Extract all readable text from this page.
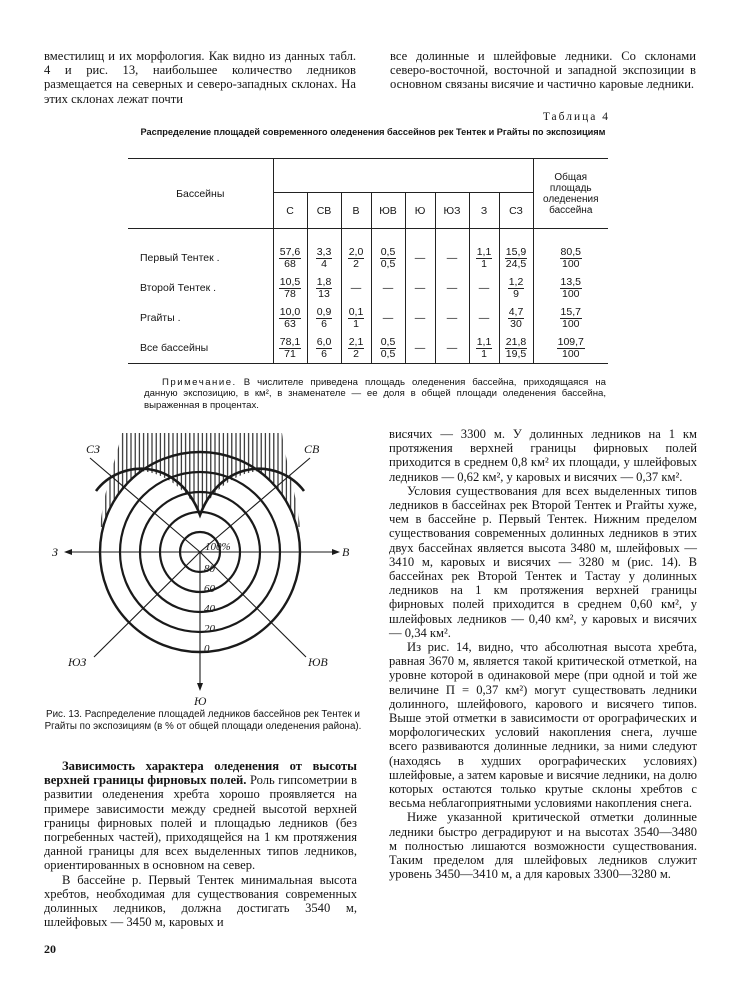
вместилищ и их морфология. Как видно из данных табл. 4 и рис. 13, наибольшее количество ледников размещается на северных и северо-западных склонах. На этих склонах лежат почти

все долинные и шлейфовые ледники. Со склонами северо-восточной, восточной и западной экспозиции в основном связаны висячие и частично каровые ледники.

Таблица 4
Распределение площадей современного оледенения бассейнов рек Тентек и Ргайты по экспозициям
Бассейны									Общая площадь оледенения бассейна

	С	СВ	В	ЮВ	Ю	ЮЗ	З	СЗ	
Первый Тентек .	$\frac{57,6}{68}$	$\frac{3,3}{4}$	$\frac{2,0}{2}$	$\frac{0,5}{0,5}$	—	—	$\frac{1,1}{1}$	$\frac{15,9}{24,5}$	$\frac{80,5}{100}$

Второй Тентек .	$\frac{10,5}{78}$	$\frac{1,8}{13}$	—	—	—	—	—	$\frac{1,2}{9}$	$\frac{13,5}{100}$

Ргайты .	$\frac{10,0}{63}$	$\frac{0,9}{6}$	$\frac{0,1}{1}$	—	—	—	—	$\frac{4,7}{30}$	$\frac{15,7}{100}$

Все бассейны	$\frac{78,1}{71}$	$\frac{6,0}{6}$	$\frac{2,1}{2}$	$\frac{0,5}{0,5}$	—	—	$\frac{1,1}{1}$	$\frac{21,8}{19,5}$	$\frac{109,7}{100}$
Примечание. В числителе приведена площадь оледенения бассейна, приходящаяся на данную экспозицию, в км², в знаменателе — ее доля в общей площади оледенения бассейна, выраженная в процентах.
СЗ	СВ
З	В
ЮЗ	ЮВ
Ю
100%
80
60
40
20
0
Рис. 13. Распределение площадей ледников бассейнов рек Тентек и Ргайты по экспозициям (в % от общей площади оледенения района).

Зависимость характера оледенения от высоты верхней границы фирновых полей. Роль гипсометрии в развитии оледенения хребта хорошо проявляется на примере зависимости между средней высотой верхней границы фирновых полей и площадью ледников (без погребенных частей), приходящейся на 1 км протяжения данной границы для всех выделенных типов ледников, ориентированных в основном на север.

В бассейне р. Первый Тентек минимальная высота хребтов, необходимая для существования современных долинных ледников, должна достигать 3540 м, шлейфовых — 3450 м, каровых и

висячих — 3300 м. У долинных ледников на 1 км протяжения верхней границы фирновых полей приходится в среднем 0,8 км² их площади, у шлейфовых ледников — 0,62 км², у каровых и висячих — 0,37 км².

Условия существования для всех выделенных типов ледников в бассейнах рек Второй Тентек и Ргайты хуже, чем в бассейне р. Первый Тентек. Нижним пределом существования современных долинных ледников в этих двух бассейнах является высота 3480 м, шлейфовых — 3410 м, каровых и висячих — 3280 м (рис. 14). В бассейнах рек Второй Тентек и Тастау у долинных ледников на 1 км протяжения верхней границы фирновых полей приходится в среднем 0,60 км², у шлейфовых ледников — 0,40 км², у каровых и висячих — 0,34 км².

Из рис. 14, видно, что абсолютная высота хребта, равная 3670 м, является такой критической отметкой, на уровне которой в одинаковой мере (при одной и той же величине П = 0,37 км²) могут существовать ледники долинного, шлейфового, карового и висячего типов. Выше этой отметки в зависимости от орографических и морфологических условий накопления снега, лучше всего развиваются долинные ледники, за ними следуют (находясь в худших орографических условиях) шлейфовые, а затем каровые и висячие ледники, на долю которых остаются только крутые склоны хребтов с весьма неблагоприятными условиями накопления снега.

Ниже указанной критической отметки долинные ледники быстро деградируют и на высотах 3540—3480 м полностью лишаются возможности существования. Таким пределом для шлейфовых ледников служит уровень 3450—3410 м, а для каровых 3300—3280 м.

20
